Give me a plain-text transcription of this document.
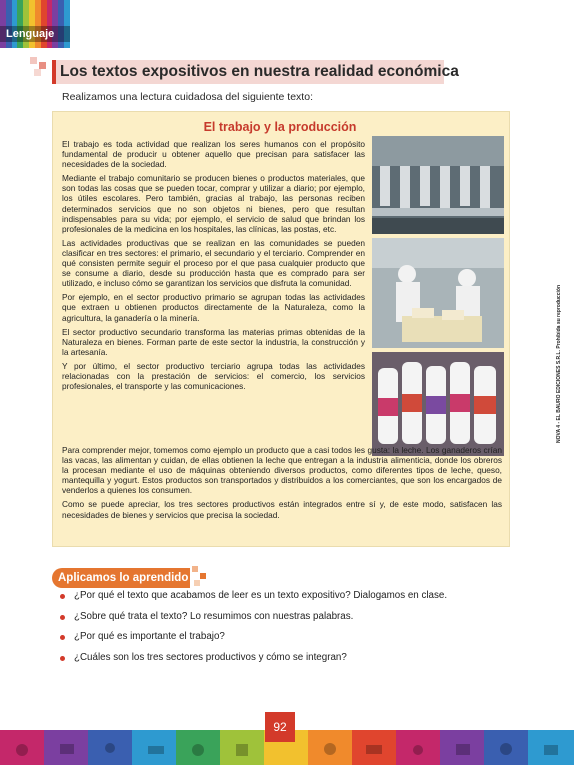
Lenguaje
Los textos expositivos en nuestra realidad económica
Realizamos una lectura cuidadosa del siguiente texto:
El trabajo y la producción

El trabajo es toda actividad que realizan los seres humanos con el propósito fundamental de producir u obtener aquello que precisan para satisfacer las necesidades de la sociedad.

Mediante el trabajo comunitario se producen bienes o productos materiales, que son todas las cosas que se pueden tocar, comprar y utilizar a diario; por ejemplo, los útiles escolares. Pero también, gracias al trabajo, las personas reciben determinados servicios que no son objetos ni bienes, pero que resultan indispensables para su vida; por ejemplo, el servicio de salud que brindan los profesionales de la medicina en los hospitales, las clínicas, las postas, etc.

Las actividades productivas que se realizan en las comunidades se pueden clasificar en tres sectores: el primario, el secundario y el terciario. Comprender en qué consisten permite seguir el proceso por el que pasa cualquier producto que se consume a diario, desde su producción hasta que es comprado para ser utilizado, e incluso cómo se garantizan los servicios que disfruta la comunidad.

Por ejemplo, en el sector productivo primario se agrupan todas las actividades que extraen u obtienen productos directamente de la Naturaleza, como la agricultura, la ganadería o la minería.

El sector productivo secundario transforma las materias primas obtenidas de la Naturaleza en bienes. Forman parte de este sector la industria, la construcción y la artesanía.

Y por último, el sector productivo terciario agrupa todas las actividades relacionadas con la prestación de servicios: el comercio, los servicios profesionales, el transporte y las comunicaciones.

Para comprender mejor, tomemos como ejemplo un producto que a casi todos les gusta: la leche. Los ganaderos crían las vacas, las alimentan y cuidan, de ellas obtienen la leche que entregan a la industria alimenticia, donde los obreros la procesan mediante el uso de máquinas obteniendo diversos productos, como diferentes tipos de leche, queso, mantequilla y yogurt. Estos productos son transportados y distribuidos a los comerciantes, que son los encargados de venderlos a quienes los consumen.

Como se puede apreciar, los tres sectores productivos están integrados entre sí y, de este modo, satisfacen las necesidades de bienes y servicios que precisa la sociedad.

Aplicamos lo aprendido
¿Por qué el texto que acabamos de leer es un texto expositivo? Dialogamos en clase.
¿Sobre qué trata el texto? Lo resumimos con nuestras palabras.
¿Por qué es importante el trabajo?
¿Cuáles son los tres sectores productivos y cómo se integran?
NOVA 4 - EL BAURO EDICIONES S.R.L. Prohibida su reproducción
92
